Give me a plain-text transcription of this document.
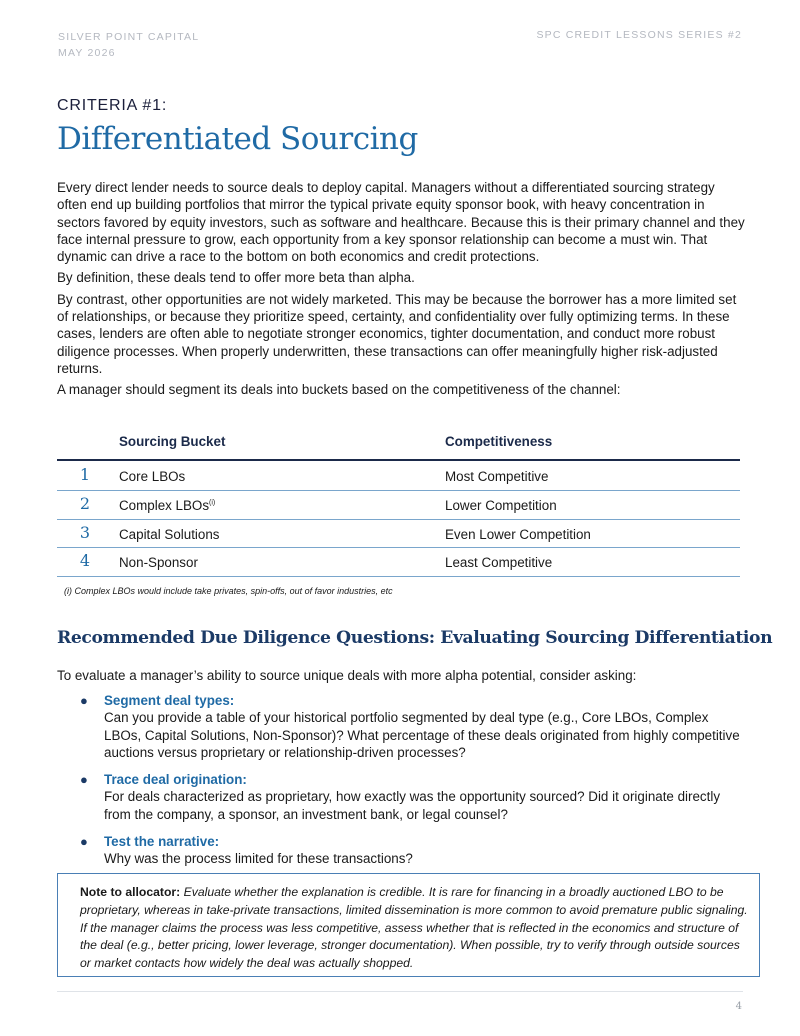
SILVER POINT CAPITAL
MAY 2026
SPC CREDIT LESSONS SERIES #2
CRITERIA #1:
Differentiated Sourcing

Every direct lender needs to source deals to deploy capital. Managers without a differentiated sourcing strategy often end up building portfolios that mirror the typical private equity sponsor book, with heavy concentration in sectors favored by equity investors, such as software and healthcare. Because this is their primary channel and they face internal pressure to grow, each opportunity from a key sponsor relationship can become a must win. That dynamic can drive a race to the bottom on both economics and credit protections.

By definition, these deals tend to offer more beta than alpha.

By contrast, other opportunities are not widely marketed. This may be because the borrower has a more limited set of relationships, or because they prioritize speed, certainty, and confidentiality over fully optimizing terms. In these cases, lenders are often able to negotiate stronger economics, tighter documentation, and conduct more robust diligence processes. When properly underwritten, these transactions can offer meaningfully higher risk-adjusted returns.

A manager should segment its deals into buckets based on the competitiveness of the channel:

Sourcing Bucket	Competitiveness
1 Core LBOs	Most Competitive
2 Complex LBOs$^{(i)}$	Lower Competition
3 Capital Solutions	Even Lower Competition
4 Non-Sponsor	Least Competitive
(i) Complex LBOs would include take privates, spin-offs, out of favor industries, etc
Recommended Due Diligence Questions: Evaluating Sourcing Differentiation
To evaluate a manager’s ability to source unique deals with more alpha potential, consider asking:
● Segment deal types:
Can you provide a table of your historical portfolio segmented by deal type (e.g., Core LBOs, Complex LBOs, Capital Solutions, Non-Sponsor)? What percentage of these deals originated from highly competitive auctions versus proprietary or relationship-driven processes?
● Trace deal origination:
For deals characterized as proprietary, how exactly was the opportunity sourced? Did it originate directly from the company, a sponsor, an investment bank, or legal counsel?
● Test the narrative:
Why was the process limited for these transactions?
Note to allocator: Evaluate whether the explanation is credible. It is rare for financing in a broadly auctioned LBO to be proprietary, whereas in take-private transactions, limited dissemination is more common to avoid premature public signaling. If the manager claims the process was less competitive, assess whether that is reflected in the economics and structure of the deal (e.g., better pricing, lower leverage, stronger documentation). When possible, try to verify through outside sources or market contacts how widely the deal was actually shopped.
4
